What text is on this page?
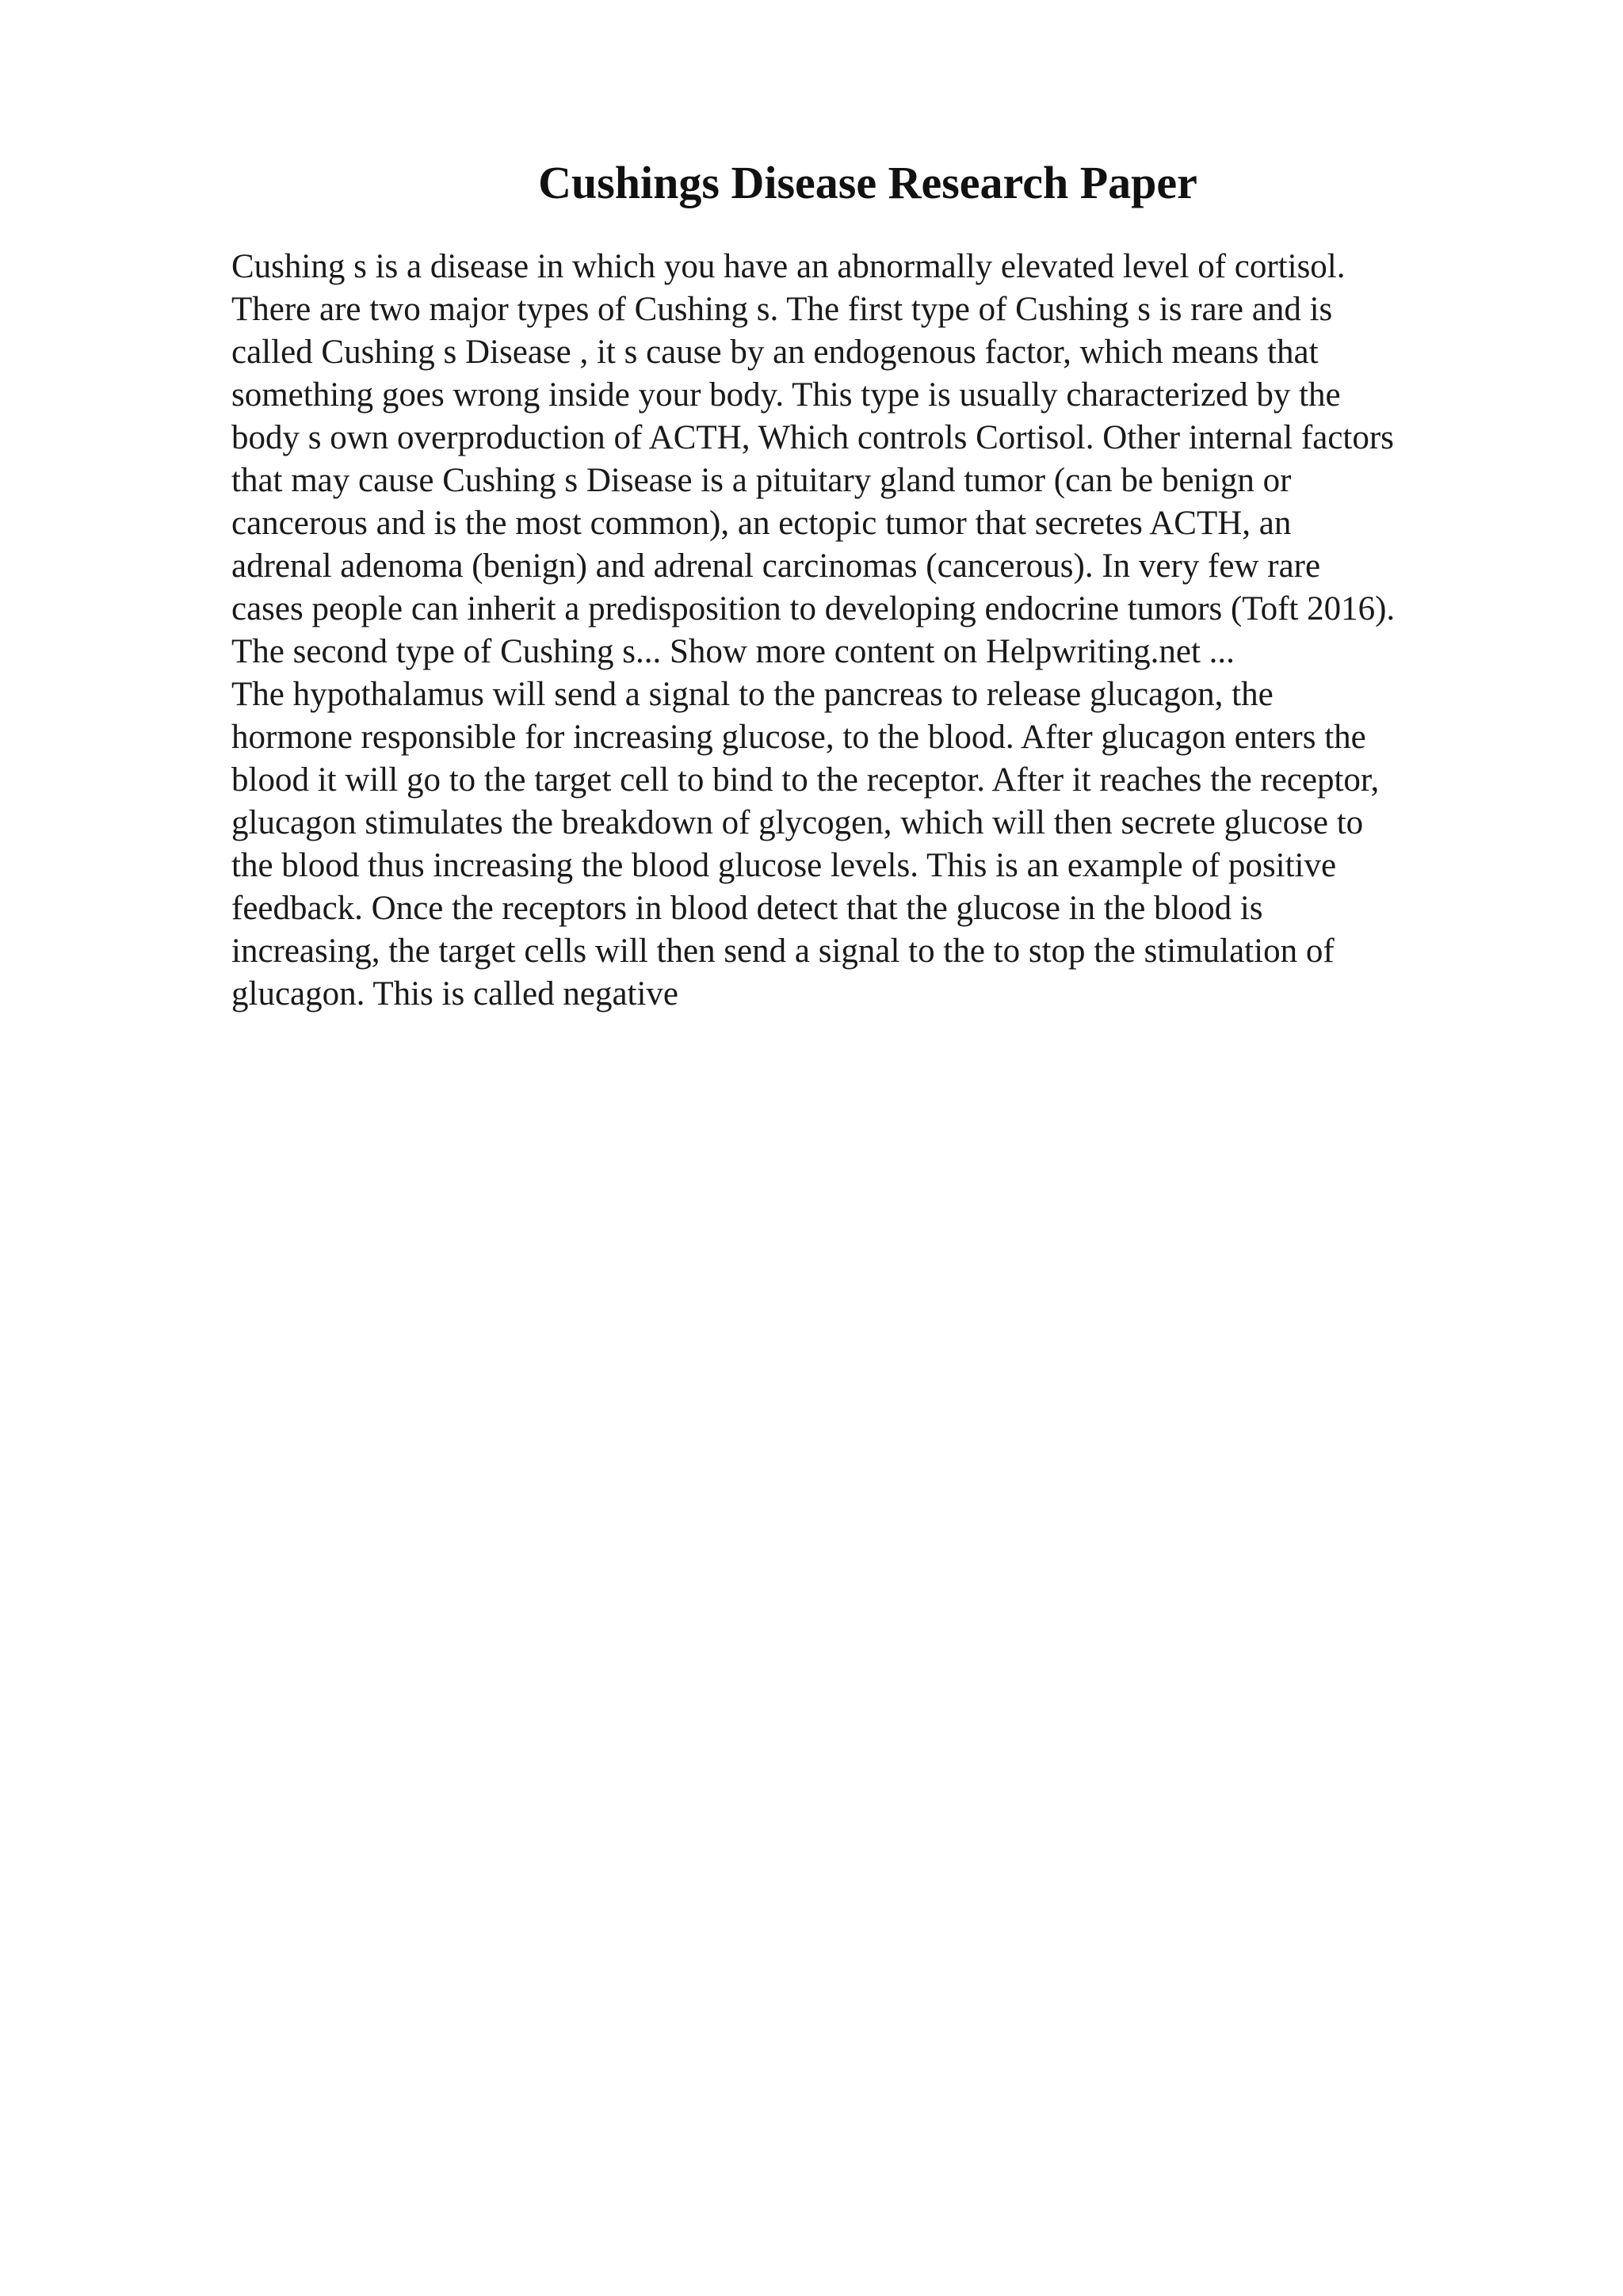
Cushings Disease Research Paper
Cushing s is a disease in which you have an abnormally elevated level of cortisol.
There are two major types of Cushing s. The first type of Cushing s is rare and is
called Cushing s Disease , it s cause by an endogenous factor, which means that
something goes wrong inside your body. This type is usually characterized by the
body s own overproduction of ACTH, Which controls Cortisol. Other internal factors
that may cause Cushing s Disease is a pituitary gland tumor (can be benign or
cancerous and is the most common), an ectopic tumor that secretes ACTH, an
adrenal adenoma (benign) and adrenal carcinomas (cancerous). In very few rare
cases people can inherit a predisposition to developing endocrine tumors (Toft 2016).
The second type of Cushing s... Show more content on Helpwriting.net ...
The hypothalamus will send a signal to the pancreas to release glucagon, the
hormone responsible for increasing glucose, to the blood. After glucagon enters the
blood it will go to the target cell to bind to the receptor. After it reaches the receptor,
glucagon stimulates the breakdown of glycogen, which will then secrete glucose to
the blood thus increasing the blood glucose levels. This is an example of positive
feedback. Once the receptors in blood detect that the glucose in the blood is
increasing, the target cells will then send a signal to the to stop the stimulation of
glucagon. This is called negative
